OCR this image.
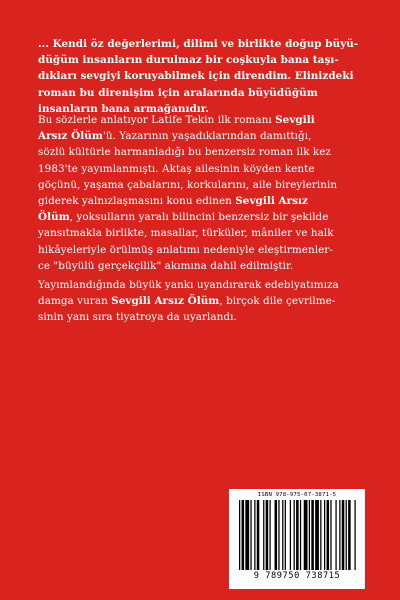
... Kendi öz değerlerimi, dilimi ve birlikte doğup büyü-
düğüm insanların durulmaz bir coşkuyla bana taşı-
dıkları sevgiyi koruyabilmek için direndim. Elinizdeki
roman bu direnişim için aralarında büyüdüğüm
insanların bana armağanıdır.
Bu sözlerle anlatıyor Latife Tekin ilk romanı Sevgili
Arsız Ölüm'ü. Yazarının yaşadıklarından damıttığı,
sözlü kültürle harmanladığı bu benzersiz roman ilk kez
1983'te yayımlanmıştı. Aktaş ailesinin köyden kente
göçünü, yaşama çabalarını, korkularını, aile bireylerinin
giderek yalnızlaşmasını konu edinen Sevgili Arsız
Ölüm, yoksulların yaralı bilincini benzersiz bir şekilde
yansıtmakla birlikte, masallar, türküler, mâniler ve halk
hikâyeleriyle örülmüş anlatımı nedeniyle eleştirmenler-
ce "büyülü gerçekçilik" akımına dahil edilmiştir.
Yayımlandığında büyük yankı uyandırarak edebiyatımıza
damga vuran Sevgili Arsız Ölüm, birçok dile çevrilme-
sinin yanı sıra tiyatroya da uyarlandı.
ISBN 978-975-07-3871-5
9 789750 738715
